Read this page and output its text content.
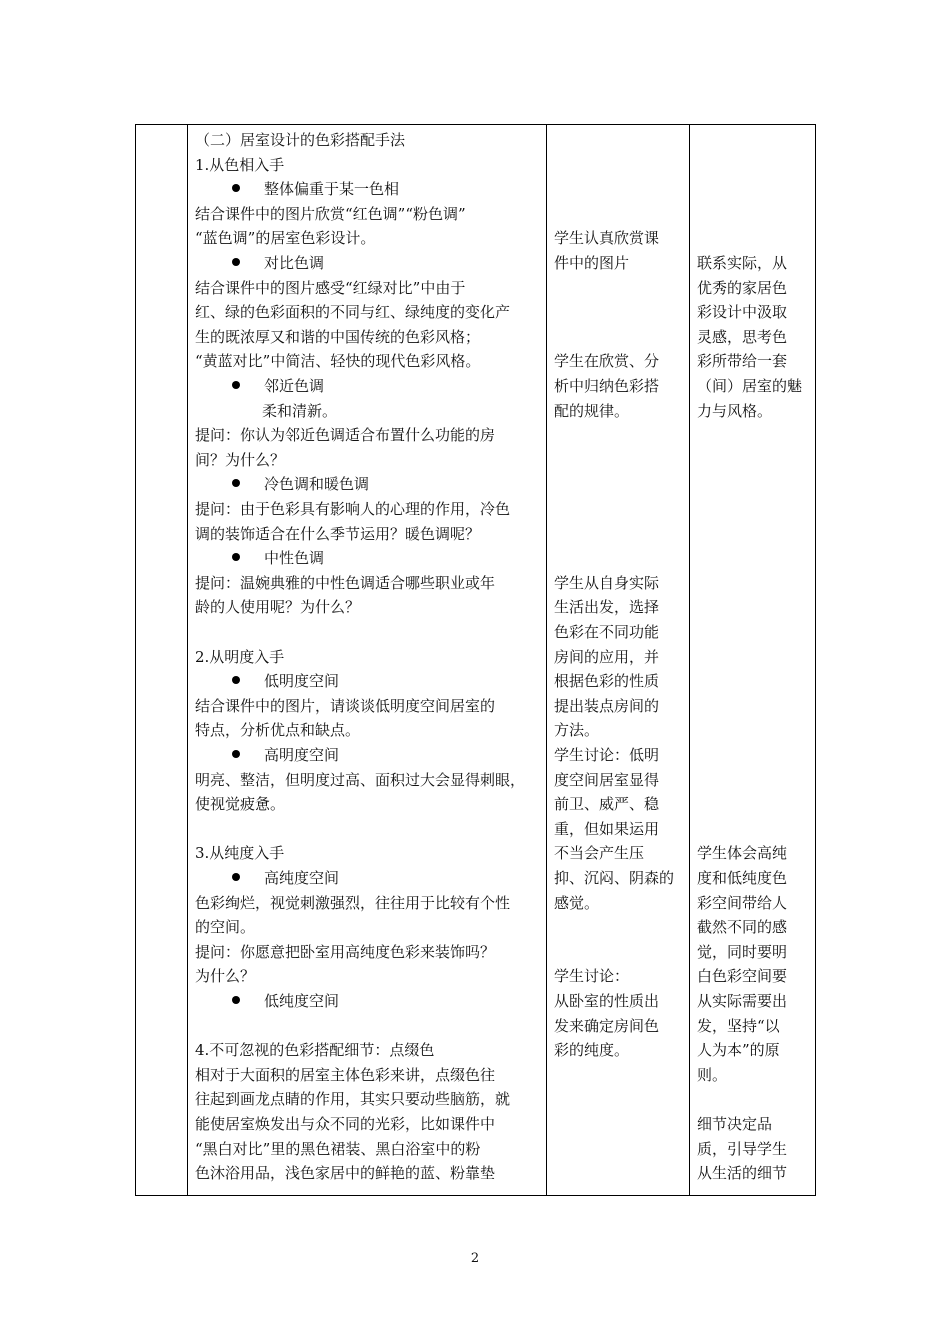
（二）居室设计的色彩搭配手法
1.从色相入手
整体偏重于某一色相
结合课件中的图片欣赏“红色调”“粉色调”
“蓝色调”的居室色彩设计。
对比色调
结合课件中的图片感受“红绿对比”中由于
红、绿的色彩面积的不同与红、绿纯度的变化产
生的既浓厚又和谐的中国传统的色彩风格；
“黄蓝对比”中简洁、轻快的现代色彩风格。
邻近色调
柔和清新。
提问：你认为邻近色调适合布置什么功能的房
间？为什么？
冷色调和暖色调
提问：由于色彩具有影响人的心理的作用，冷色
调的装饰适合在什么季节运用？暖色调呢？
中性色调
提问：温婉典雅的中性色调适合哪些职业或年
龄的人使用呢？为什么？
2.从明度入手
低明度空间
结合课件中的图片，请谈谈低明度空间居室的
特点，分析优点和缺点。
高明度空间
明亮、整洁，但明度过高、面积过大会显得刺眼，
使视觉疲惫。
3.从纯度入手
高纯度空间
色彩绚烂，视觉刺激强烈，往往用于比较有个性
的空间。
提问：你愿意把卧室用高纯度色彩来装饰吗？
为什么？
低纯度空间
4.不可忽视的色彩搭配细节：点缀色
相对于大面积的居室主体色彩来讲，点缀色往
往起到画龙点睛的作用，其实只要动些脑筋，就
能使居室焕发出与众不同的光彩，比如课件中
“黑白对比”里的黑色裙装、黑白浴室中的粉
色沐浴用品，浅色家居中的鲜艳的蓝、粉靠垫
学生认真欣赏课
件中的图片
学生在欣赏、分
析中归纳色彩搭
配的规律。
学生从自身实际
生活出发，选择
色彩在不同功能
房间的应用，并
根据色彩的性质
提出装点房间的
方法。
学生讨论：低明
度空间居室显得
前卫、威严、稳
重，但如果运用
不当会产生压
抑、沉闷、阴森的
感觉。
学生讨论：
从卧室的性质出
发来确定房间色
彩的纯度。
联系实际，从
优秀的家居色
彩设计中汲取
灵感，思考色
彩所带给一套
（间）居室的魅
力与风格。
学生体会高纯
度和低纯度色
彩空间带给人
截然不同的感
觉，同时要明
白色彩空间要
从实际需要出
发，坚持“以
人为本”的原
则。
细节决定品
质，引导学生
从生活的细节
2
